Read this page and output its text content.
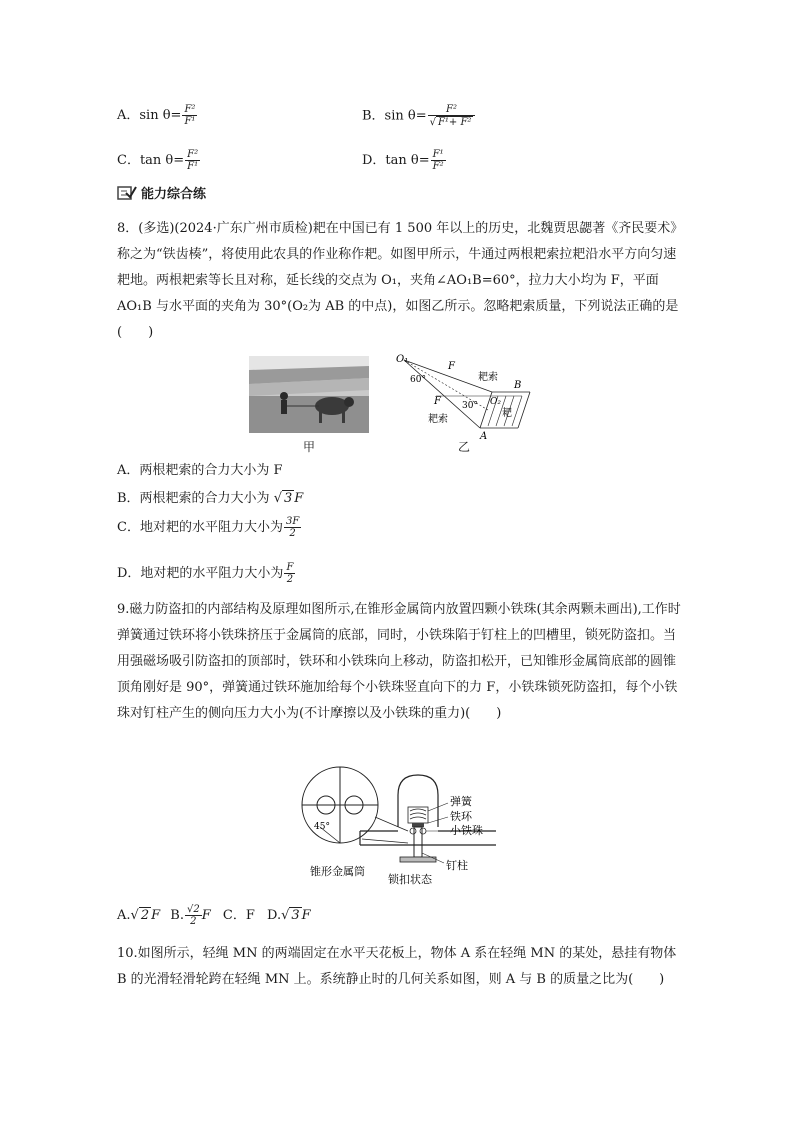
A．$\sin \theta= \frac{\text{F²}}{\text{F¹}}$	B．$\sin \theta= \frac{\text{F²}}{\text{√ F¹+ F²}}$
C．$\tan \theta= \frac{\text{F²}}{\text{F¹}}$	D．$\tan \theta= \frac{\text{F¹}}{\text{F²}}$
能力综合练
8．(多选)(2024·广东广州市质检)耙在中国已有 1 500 年以上的历史，北魏贾思勰著《齐民要术》称之为“铁齿楱”，将使用此农具的作业称作耙。如图甲所示，牛通过两根耙索拉耙沿水平方向匀速耙地。两根耙索等长且对称，延长线的交点为 O₁，夹角∠AO₁B=60°，拉力大小均为 F，平面 AO₁B 与水平面的夹角为 30°(O₂为 AB 的中点)，如图乙所示。忽略耙索质量，下列说法正确的是(　　)
甲
O₁
F
F
60°
30°
耙索
耙索
B
A
O₂
耙
乙
A．两根耙索的合力大小为 F
B．两根耙索的合力大小为 √ 3 F
C．地对耙的水平阻力大小为 $\frac{3F}{2}$
D．地对耙的水平阻力大小为 $\frac{F}{2}$
9.磁力防盗扣的内部结构及原理如图所示,在锥形金属筒内放置四颗小铁珠(其余两颗未画出),工作时弹簧通过铁环将小铁珠挤压于金属筒的底部，同时，小铁珠陷于钉柱上的凹槽里，锁死防盗扣。当用强磁场吸引防盗扣的顶部时，铁环和小铁珠向上移动，防盗扣松开，已知锥形金属筒底部的圆锥顶角刚好是 90°，弹簧通过铁环施加给每个小铁珠竖直向下的力 F，小铁珠锁死防盗扣，每个小铁珠对钉柱产生的侧向压力大小为(不计摩擦以及小铁珠的重力)(　　)
45°
弹簧
铁环
小铁珠
钉柱
锥形金属筒
锁扣状态
A.√ 2 F B. $\frac{√2}{2}$ F C．F D.√ 3 F
10.如图所示，轻绳 MN 的两端固定在水平天花板上，物体 A 系在轻绳 MN 的某处，悬挂有物体 B 的光滑轻滑轮跨在轻绳 MN 上。系统静止时的几何关系如图，则 A 与 B 的质量之比为(　　)
